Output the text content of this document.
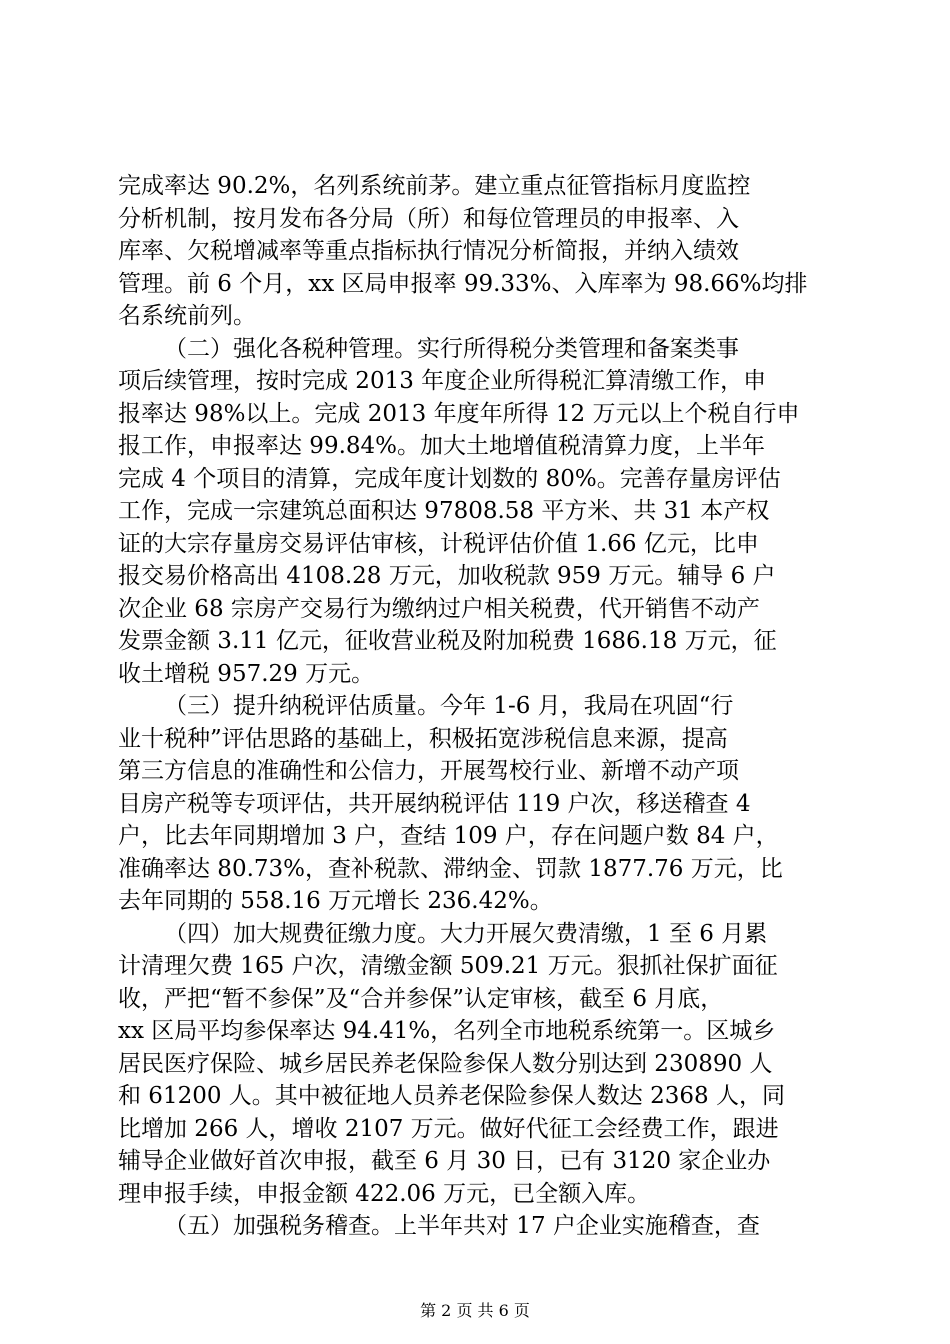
完成率达 90.2%，名列系统前茅。建立重点征管指标月度监控
分析机制，按月发布各分局（所）和每位管理员的申报率、入
库率、欠税增减率等重点指标执行情况分析简报，并纳入绩效
管理。前 6 个月，xx 区局申报率 99.33%、入库率为 98.66%均排
名系统前列。
（二）强化各税种管理。实行所得税分类管理和备案类事
项后续管理，按时完成 2013 年度企业所得税汇算清缴工作，申
报率达 98%以上。完成 2013 年度年所得 12 万元以上个税自行申
报工作，申报率达 99.84%。加大土地增值税清算力度，上半年
完成 4 个项目的清算，完成年度计划数的 80%。完善存量房评估
工作，完成一宗建筑总面积达 97808.58 平方米、共 31 本产权
证的大宗存量房交易评估审核，计税评估价值 1.66 亿元，比申
报交易价格高出 4108.28 万元，加收税款 959 万元。辅导 6 户
次企业 68 宗房产交易行为缴纳过户相关税费，代开销售不动产
发票金额 3.11 亿元，征收营业税及附加税费 1686.18 万元，征
收土增税 957.29 万元。
（三）提升纳税评估质量。今年 1-6 月，我局在巩固“行
业十税种”评估思路的基础上，积极拓宽涉税信息来源，提高
第三方信息的准确性和公信力，开展驾校行业、新增不动产项
目房产税等专项评估，共开展纳税评估 119 户次，移送稽查 4
户，比去年同期增加 3 户，查结 109 户，存在问题户数 84 户，
准确率达 80.73%，查补税款、滞纳金、罚款 1877.76 万元，比
去年同期的 558.16 万元增长 236.42%。
（四）加大规费征缴力度。大力开展欠费清缴，1 至 6 月累
计清理欠费 165 户次，清缴金额 509.21 万元。狠抓社保扩面征
收，严把“暂不参保”及“合并参保”认定审核，截至 6 月底，
xx 区局平均参保率达 94.41%，名列全市地税系统第一。区城乡
居民医疗保险、城乡居民养老保险参保人数分别达到 230890 人
和 61200 人。其中被征地人员养老保险参保人数达 2368 人，同
比增加 266 人，增收 2107 万元。做好代征工会经费工作，跟进
辅导企业做好首次申报，截至 6 月 30 日，已有 3120 家企业办
理申报手续，申报金额 422.06 万元，已全额入库。
（五）加强税务稽查。上半年共对 17 户企业实施稽查，查
第 2 页 共 6 页
